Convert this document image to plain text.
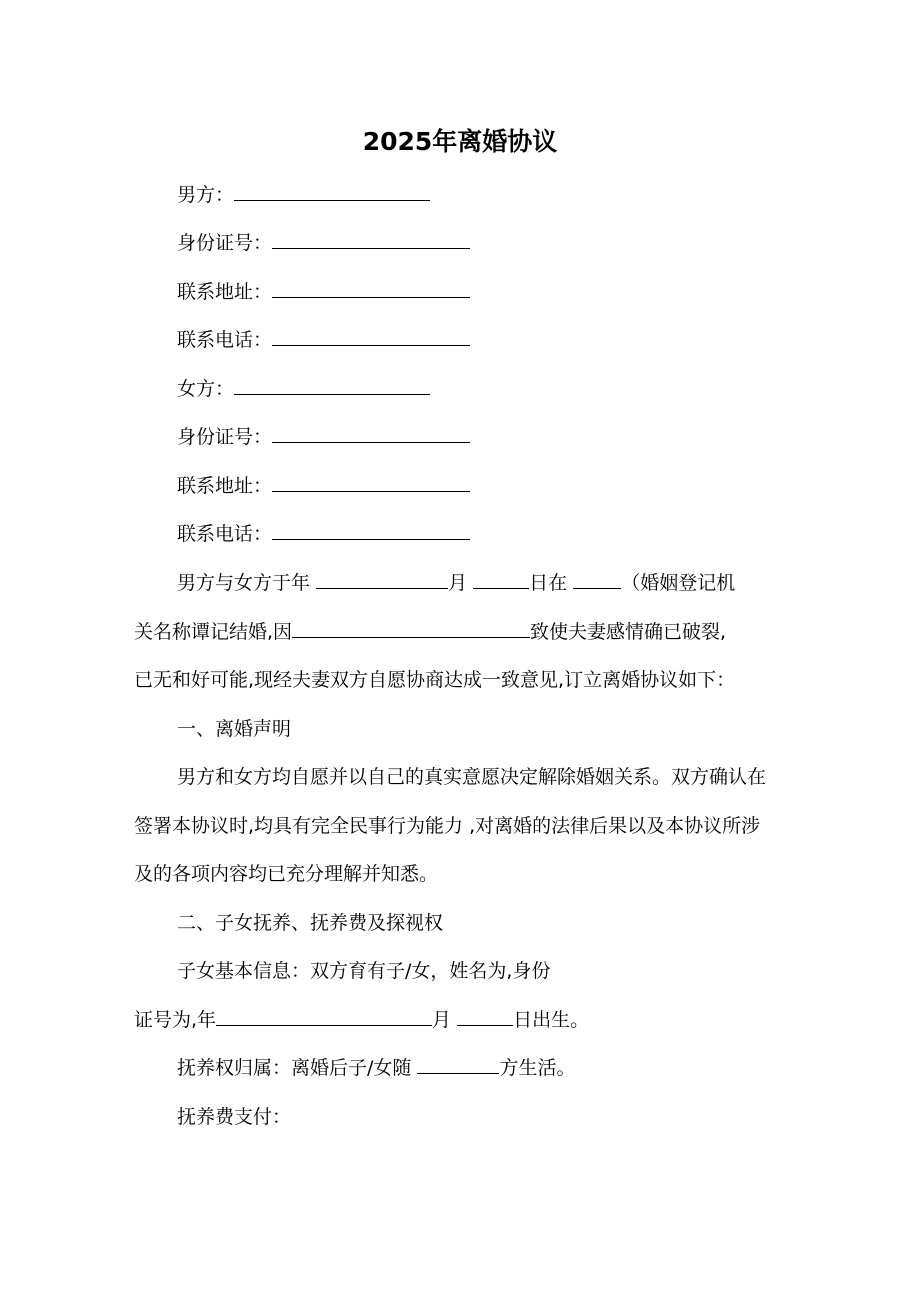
2025年离婚协议
男方：
身份证号：
联系地址：
联系电话：
女方：
身份证号：
联系地址：
联系电话：
男方与女方于年	月	日在	（婚姻登记机
关名称谭记结婚,因	致使夫妻感情确已破裂,
已无和好可能,现经夫妻双方自愿协商达成一致意见,订立离婚协议如下：
一、离婚声明
男方和女方均自愿并以自己的真实意愿决定解除婚姻关系。双方确认在
签署本协议时,均具有完全民事行为能力 ,对离婚的法律后果以及本协议所涉
及的各项内容均已充分理解并知悉。
二、子女抚养、抚养费及探视权
子女基本信息：双方育有子/女，姓名为,身份
证号为,年	月	日出生。
抚养权归属：离婚后子/女随	方生活。
抚养费支付：
